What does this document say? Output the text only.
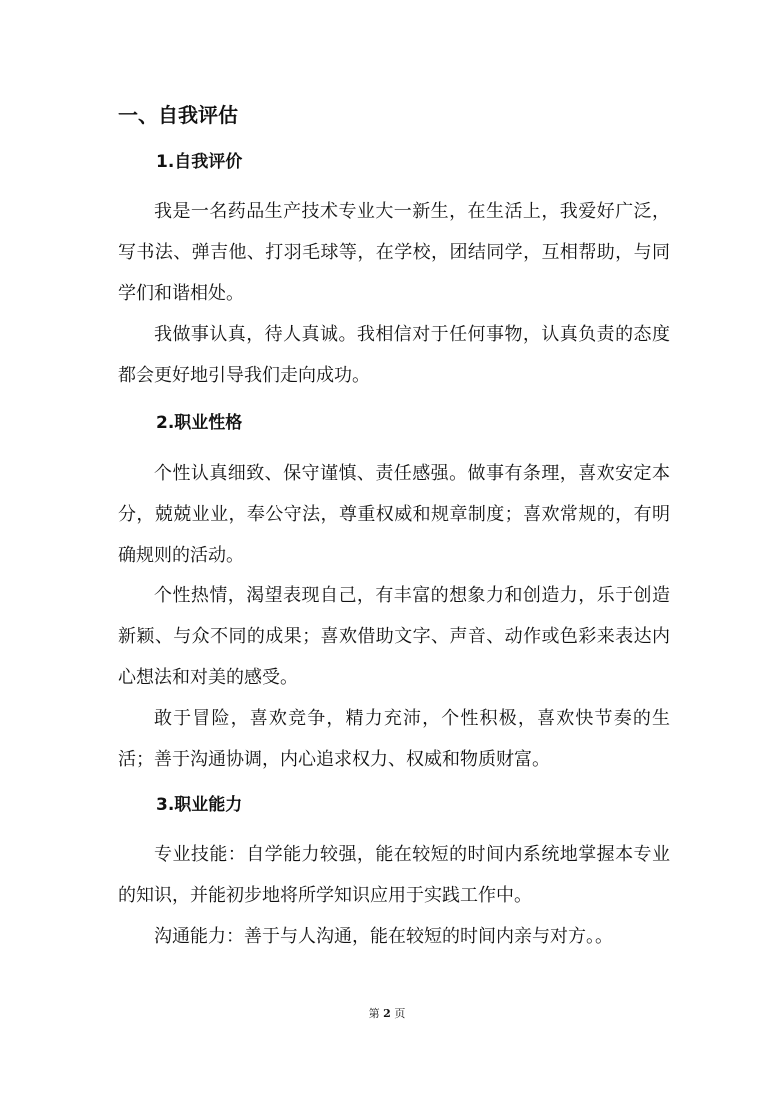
一、自我评估
1.自我评价

我是一名药品生产技术专业大一新生，在生活上，我爱好广泛，写书法、弹吉他、打羽毛球等，在学校，团结同学，互相帮助，与同学们和谐相处。

我做事认真，待人真诚。我相信对于任何事物，认真负责的态度都会更好地引导我们走向成功。

2.职业性格

个性认真细致、保守谨慎、责任感强。做事有条理，喜欢安定本分，兢兢业业，奉公守法，尊重权威和规章制度；喜欢常规的，有明确规则的活动。

个性热情，渴望表现自己，有丰富的想象力和创造力，乐于创造新颖、与众不同的成果；喜欢借助文字、声音、动作或色彩来表达内心想法和对美的感受。

敢于冒险，喜欢竞争，精力充沛，个性积极，喜欢快节奏的生活；善于沟通协调，内心追求权力、权威和物质财富。

3.职业能力

专业技能：自学能力较强，能在较短的时间内系统地掌握本专业的知识，并能初步地将所学知识应用于实践工作中。

沟通能力：善于与人沟通，能在较短的时间内亲与对方。。

第 2 页
